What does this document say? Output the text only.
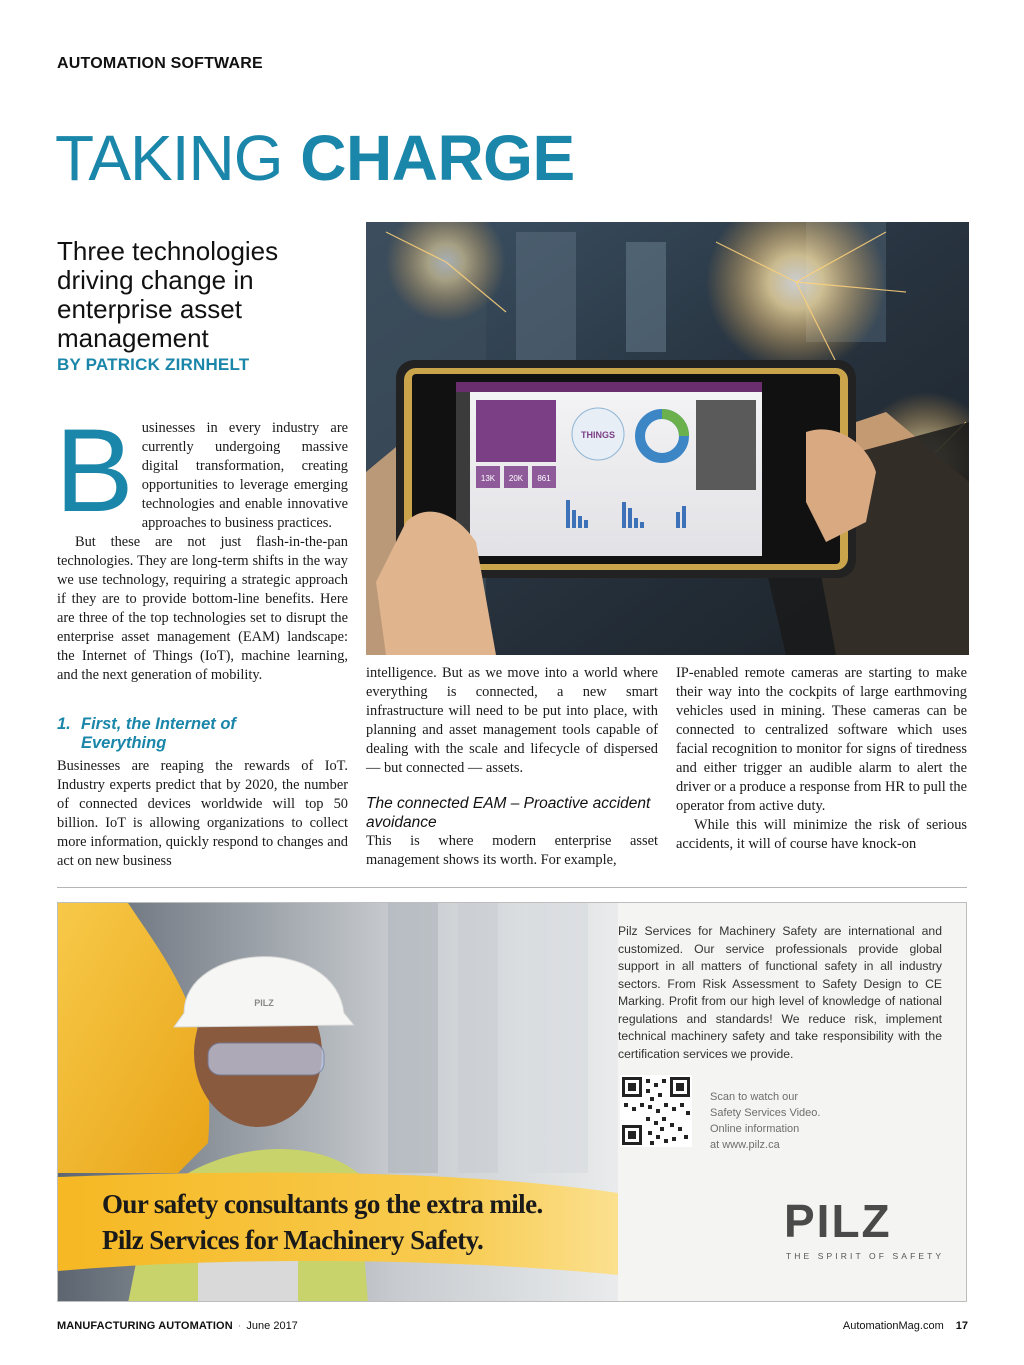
AUTOMATION SOFTWARE
TAKING CHARGE
Three technologies
driving change in
enterprise asset
management
BY PATRICK ZIRNHELT
13K 20K 861
THINGS
B usinesses in every industry are currently undergoing massive digital transformation, creating opportunities to leverage emerging technologies and enable innovative approaches to business practices.

But these are not just flash-in-the-pan technologies. They are long-term shifts in the way we use technology, requiring a strategic approach if they are to provide bottom-line benefits. Here are three of the top technologies set to disrupt the enterprise asset management (EAM) landscape: the Internet of Things (IoT), machine learning, and the next generation of mobility.

1. First, the Internet of
Everything

Businesses are reaping the rewards of IoT. Industry experts predict that by 2020, the number of connected devices worldwide will top 50 billion. IoT is allowing organizations to collect more information, quickly respond to changes and act on new business

intelligence. But as we move into a world where everything is connected, a new smart infrastructure will need to be put into place, with planning and asset management tools capable of dealing with the scale and lifecycle of dispersed — but connected — assets.

The connected EAM – Proactive accident avoidance

This is where modern enterprise asset management shows its worth. For example,

IP-enabled remote cameras are starting to make their way into the cockpits of large earthmoving vehicles used in mining. These cameras can be connected to centralized software which uses facial recognition to monitor for signs of tiredness and either trigger an audible alarm to alert the driver or a produce a response from HR to pull the operator from active duty.

While this will minimize the risk of serious accidents, it will of course have knock-on

PILZ
Pilz Services for Machinery Safety are international and customized. Our service professionals provide global support in all matters of functional safety in all industry sectors. From Risk Assessment to Safety Design to CE Marking. Profit from our high level of knowledge of national regulations and standards! We reduce risk, implement technical machinery safety and take responsibility with the certification services we provide.
Scan to watch our
Safety Services Video.
Online information
at www.pilz.ca
Our safety consultants go the extra mile.
Pilz Services for Machinery Safety.	PILZ
THE SPIRIT OF SAFETY
MANUFACTURING AUTOMATION · June 2017	AutomationMag.com 17
